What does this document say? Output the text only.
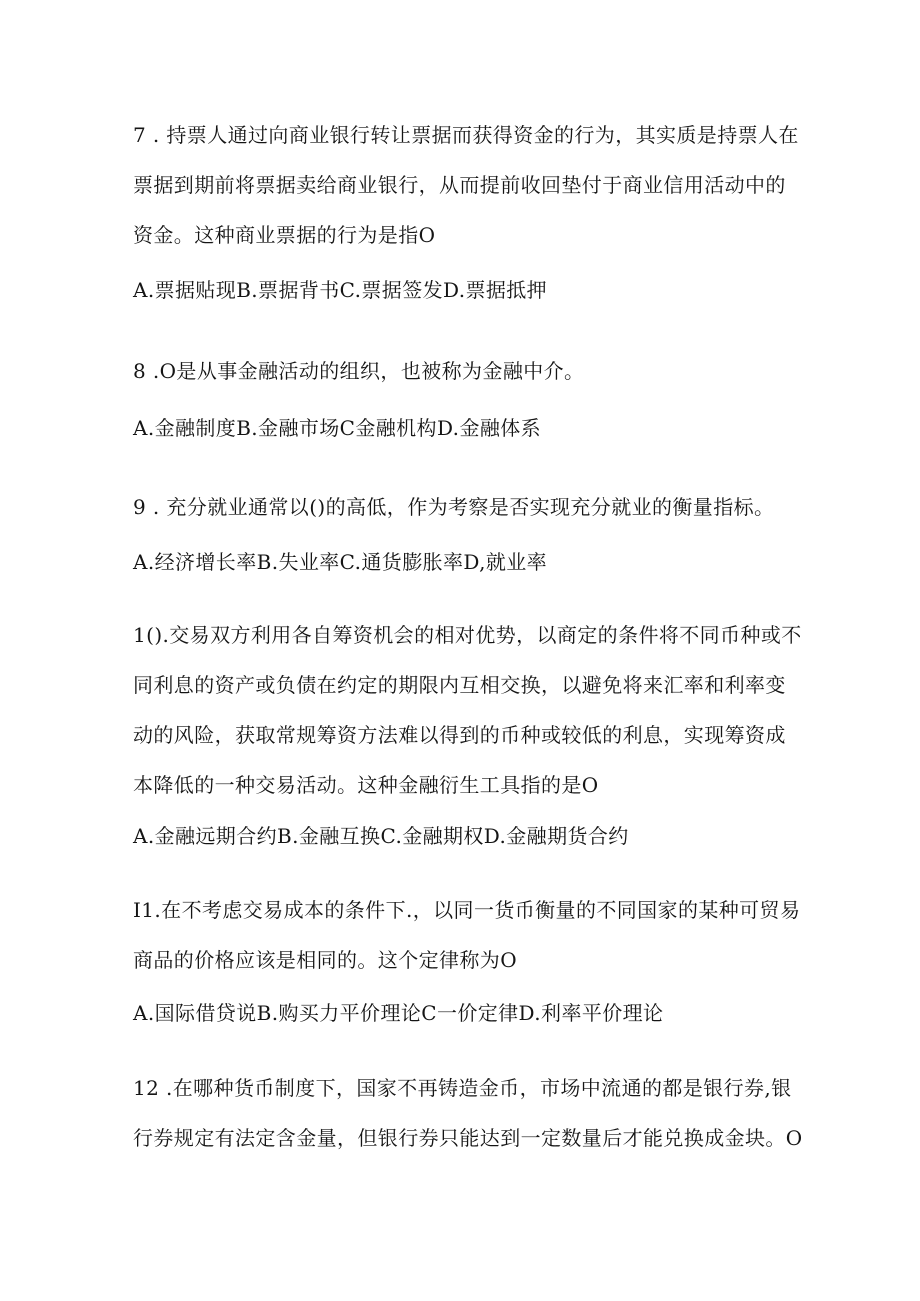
7 . 持票人通过向商业银行转让票据而获得资金的行为，其实质是持票人在
票据到期前将票据卖给商业银行，从而提前收回垫付于商业信用活动中的
资金。这种商业票据的行为是指O
A.票据贴现B.票据背书C.票据签发D.票据抵押
8 .O是从事金融活动的组织，也被称为金融中介。
A.金融制度B.金融市场C金融机构D.金融体系
9 . 充分就业通常以()的高低，作为考察是否实现充分就业的衡量指标。
A.经济增长率B.失业率C.通货膨胀率D,就业率
1().交易双方利用各自筹资机会的相对优势，以商定的条件将不同币种或不
同利息的资产或负债在约定的期限内互相交换，以避免将来汇率和利率变
动的风险，获取常规筹资方法难以得到的币种或较低的利息，实现筹资成
本降低的一种交易活动。这种金融衍生工具指的是O
A.金融远期合约B.金融互换C.金融期权D.金融期货合约
I1.在不考虑交易成本的条件下.，以同一货币衡量的不同国家的某种可贸易
商品的价格应该是相同的。这个定律称为O
A.国际借贷说B.购买力平价理论C一价定律D.利率平价理论
12 .在哪种货币制度下，国家不再铸造金币，市场中流通的都是银行券,银
行券规定有法定含金量，但银行券只能达到一定数量后才能兑换成金块。O
